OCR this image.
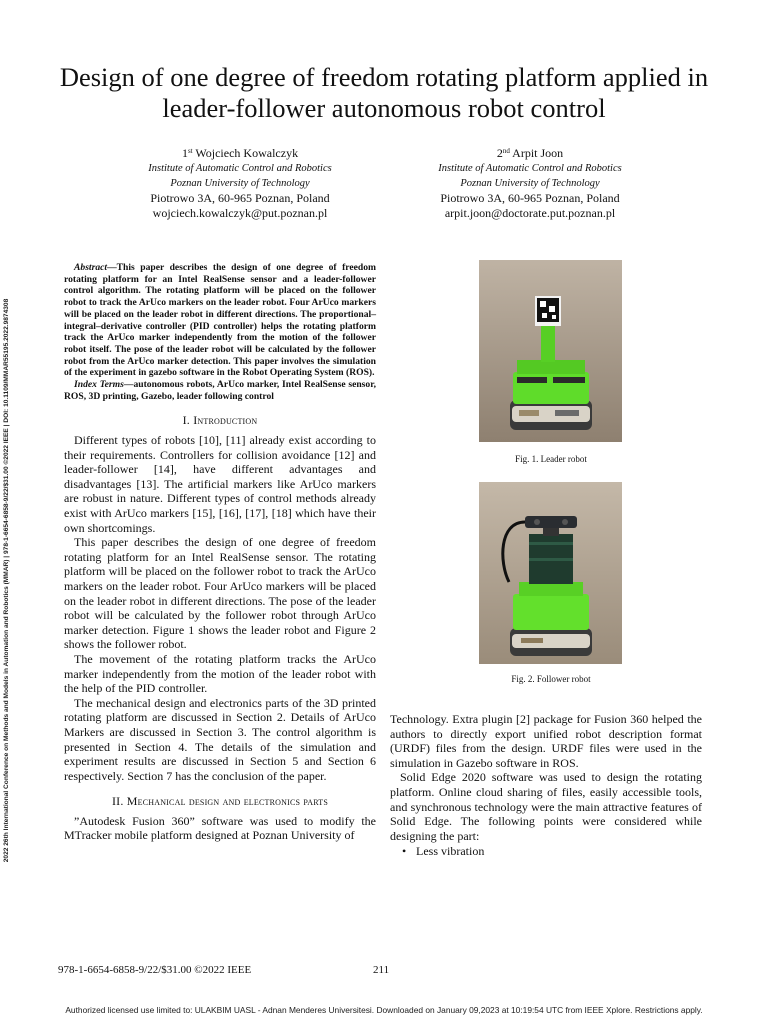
2022 26th International Conference on Methods and Models in Automation and Robotics (MMAR) | 978-1-6654-6858-9/22/$31.00 ©2022 IEEE | DOI: 10.1109/MMAR55195.2022.9874308
Design of one degree of freedom rotating platform applied in leader-follower autonomous robot control
1st Wojciech Kowalczyk
Institute of Automatic Control and Robotics
Poznan University of Technology
Piotrowo 3A, 60-965 Poznan, Poland
wojciech.kowalczyk@put.poznan.pl
2nd Arpit Joon
Institute of Automatic Control and Robotics
Poznan University of Technology
Piotrowo 3A, 60-965 Poznan, Poland
arpit.joon@doctorate.put.poznan.pl

Abstract—This paper describes the design of one degree of freedom rotating platform for an Intel RealSense sensor and a leader-follower control algorithm. The rotating platform will be placed on the follower robot to track the ArUco markers on the leader robot. Four ArUco markers will be placed on the leader robot in different directions. The proportional–integral–derivative controller (PID controller) helps the rotating platform track the ArUco marker independently from the motion of the follower robot itself. The pose of the leader robot will be calculated by the follower robot from the ArUco marker detection. This paper involves the simulation of the experiment in gazebo software in the Robot Operating System (ROS).

Index Terms—autonomous robots, ArUco marker, Intel RealSense sensor, ROS, 3D printing, Gazebo, leader following control

I. Introduction

Different types of robots [10], [11] already exist according to their requirements. Controllers for collision avoidance [12] and leader-follower [14], have different advantages and disadvantages [13]. The artificial markers like ArUco markers are robust in nature. Different types of control methods already exist with ArUco markers [15], [16], [17], [18] which have their own shortcomings.

This paper describes the design of one degree of freedom rotating platform for an Intel RealSense sensor. The rotating platform will be placed on the follower robot to track the ArUco markers on the leader robot. Four ArUco markers will be placed on the leader robot in different directions. The pose of the leader robot will be calculated by the follower robot through ArUco marker detection. Figure 1 shows the leader robot and Figure 2 shows the follower robot.

The movement of the rotating platform tracks the ArUco marker independently from the motion of the leader robot with the help of the PID controller.

The mechanical design and electronics parts of the 3D printed rotating platform are discussed in Section 2. Details of ArUco Markers are discussed in Section 3. The control algorithm is presented in Section 4. The details of the simulation and experiment results are discussed in Section 5 and Section 6 respectively. Section 7 has the conclusion of the paper.

II. Mechanical design and electronics parts

”Autodesk Fusion 360” software was used to modify the MTracker mobile platform designed at Poznan University of

Fig. 1. Leader robot
Fig. 2. Follower robot

Technology. Extra plugin [2] package for Fusion 360 helped the authors to directly export unified robot description format (URDF) files from the design. URDF files were used in the simulation in Gazebo software in ROS.

Solid Edge 2020 software was used to design the rotating platform. Online cloud sharing of files, easily accessible tools, and synchronous technology were the main attractive features of Solid Edge. The following points were considered while designing the part:

• Less vibration
978-1-6654-6858-9/22/$31.00 ©2022 IEEE	211
Authorized licensed use limited to: ULAKBIM UASL - Adnan Menderes Universitesi. Downloaded on January 09,2023 at 10:19:54 UTC from IEEE Xplore. Restrictions apply.
